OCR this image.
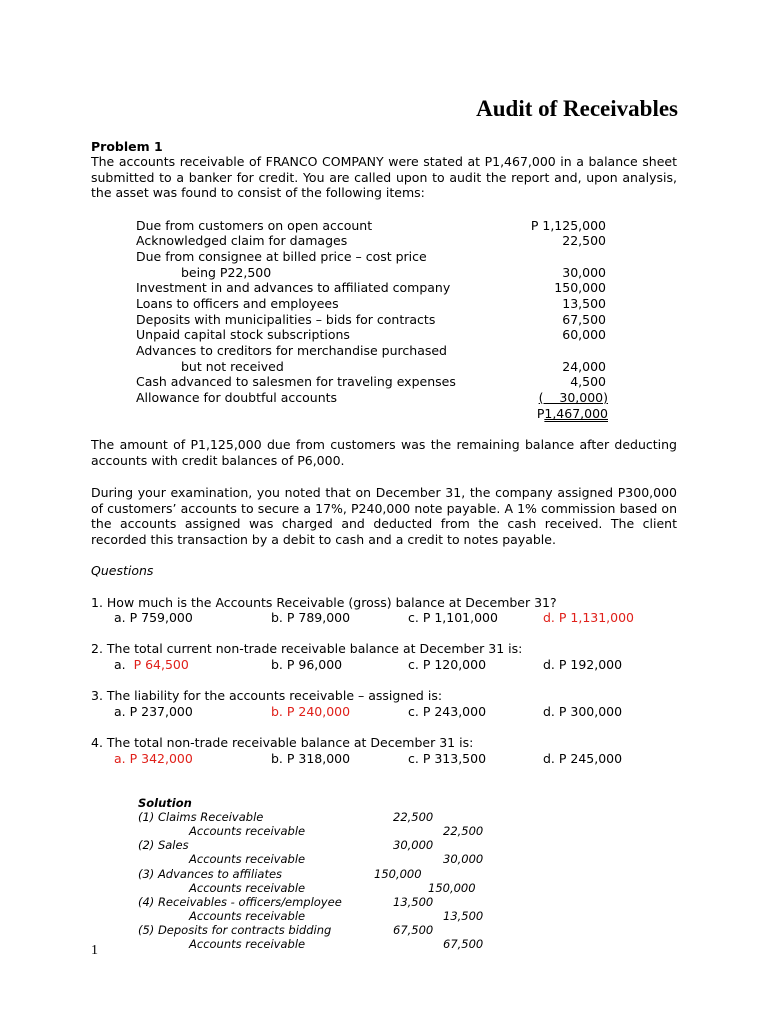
Audit of Receivables
Problem 1
The accounts receivable of FRANCO COMPANY were stated at P1,467,000 in a balance sheet submitted to a banker for credit. You are called upon to audit the report and, upon analysis, the asset was found to consist of the following items:
Due from customers on open account	P 1,125,000
Acknowledged claim for damages	22,500
Due from consignee at billed price – cost price
being P22,500	30,000
Investment in and advances to affiliated company	150,000
Loans to officers and employees	13,500
Deposits with municipalities – bids for contracts	67,500
Unpaid capital stock subscriptions	60,000
Advances to creditors for merchandise purchased
but not received	24,000
Cash advanced to salesmen for traveling expenses	4,500
Allowance for doubtful accounts	(    30,000)
P1,467,000
The amount of P1,125,000 due from customers was the remaining balance after deducting accounts with credit balances of P6,000.
During your examination, you noted that on December 31, the company assigned P300,000 of customers’ accounts to secure a 17%, P240,000 note payable. A 1% commission based on the accounts assigned was charged and deducted from the cash received. The client recorded this transaction by a debit to cash and a credit to notes payable.
Questions
1. How much is the Accounts Receivable (gross) balance at December 31?
a. P 759,000	b. P 789,000	c. P 1,101,000	d. P 1,131,000
2. The total current non-trade receivable balance at December 31 is:
a. P 64,500	b. P 96,000	c. P 120,000	d. P 192,000
3. The liability for the accounts receivable – assigned is:
a. P 237,000	b. P 240,000	c. P 243,000	d. P 300,000
4. The total non-trade receivable balance at December 31 is:
a. P 342,000	b. P 318,000	c. P 313,500	d. P 245,000
Solution
(1) Claims Receivable	22,500
Accounts receivable	22,500
(2) Sales	30,000
Accounts receivable	30,000
(3) Advances to affiliates	150,000
Accounts receivable	150,000
(4) Receivables - officers/employee	13,500
Accounts receivable	13,500
(5) Deposits for contracts bidding	67,500
Accounts receivable	67,500
1
